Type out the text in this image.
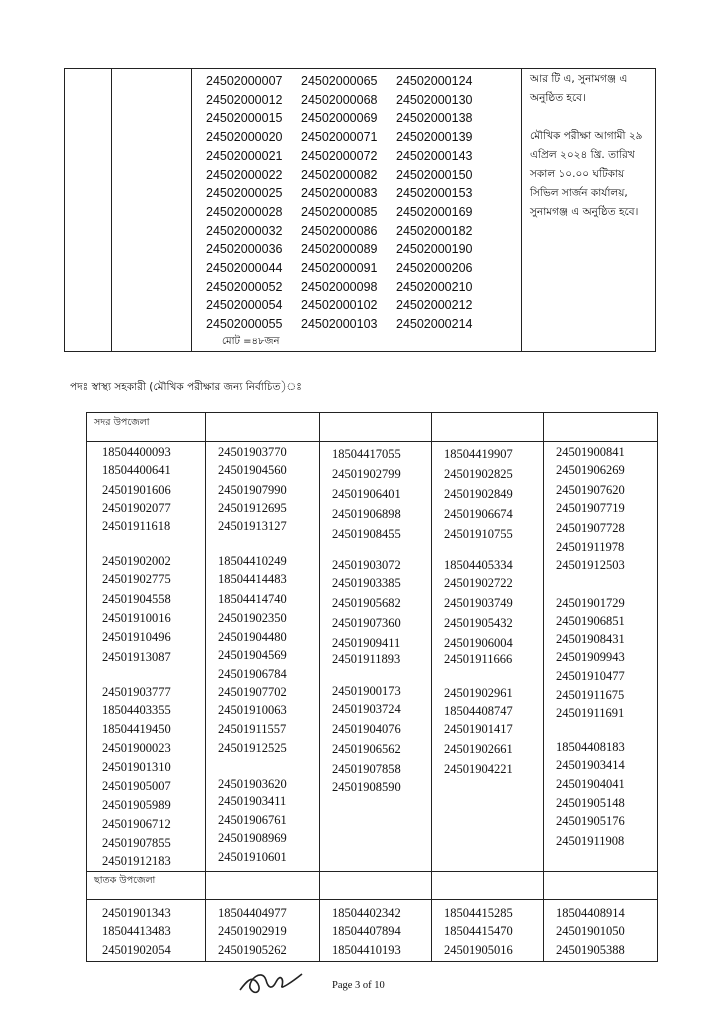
24502000007
24502000012
24502000015
24502000020
24502000021
24502000022
24502000025
24502000028
24502000032
24502000036
24502000044
24502000052
24502000054
24502000055
24502000065
24502000068
24502000069
24502000071
24502000072
24502000082
24502000083
24502000085
24502000086
24502000089
24502000091
24502000098
24502000102
24502000103
24502000124
24502000130
24502000138
24502000139
24502000143
24502000150
24502000153
24502000169
24502000182
24502000190
24502000206
24502000210
24502000212
24502000214
মোট =৪৮জন
আর টি এ, সুনামগঞ্জ এ
অনুষ্ঠিত হবে।
মৌখিক পরীক্ষা আগামী ২৯
এপ্রিল ২০২৪ খ্রি. তারিখ
সকাল ১০.০০ ঘটিকায়
সিভিল সার্জন কার্যালয়,
সুনামগঞ্জ এ অনুষ্ঠিত হবে।
পদঃ স্বাস্থ্য সহকারী (মৌখিক পরীক্ষার জন্য নির্বাচিত)ঃ
সদর উপজেলা
ছাতক উপজেলা
18504400093
18504400641
24501901606
24501902077
24501911618
24501902002
24501902775
24501904558
24501910016
24501910496
24501913087
24501903777
18504403355
18504419450
24501900023
24501901310
24501905007
24501905989
24501906712
24501907855
24501912183
24501903770
24501904560
24501907990
24501912695
24501913127
18504410249
18504414483
18504414740
24501902350
24501904480
24501904569
24501906784
24501907702
24501910063
24501911557
24501912525
24501903620
24501903411
24501906761
24501908969
24501910601
18504417055
24501902799
24501906401
24501906898
24501908455
24501903072
24501903385
24501905682
24501907360
24501909411
24501911893
24501900173
24501903724
24501904076
24501906562
24501907858
24501908590
18504419907
24501902825
24501902849
24501906674
24501910755
18504405334
24501902722
24501903749
24501905432
24501906004
24501911666
24501902961
18504408747
24501901417
24501902661
24501904221
24501900841
24501906269
24501907620
24501907719
24501907728
24501911978
24501912503
24501901729
24501906851
24501908431
24501909943
24501910477
24501911675
24501911691
18504408183
24501903414
24501904041
24501905148
24501905176
24501911908
24501901343
18504413483
24501902054
18504404977
24501902919
24501905262
18504402342
18504407894
18504410193
18504415285
18504415470
24501905016
18504408914
24501901050
24501905388
Page 3 of 10
